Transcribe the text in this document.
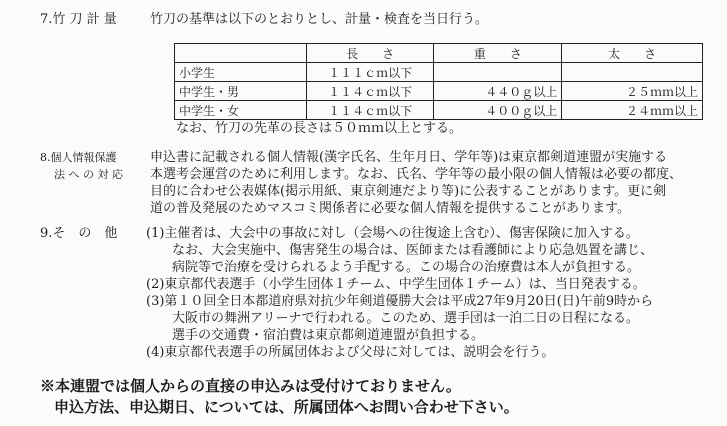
7.竹 刀 計 量	竹刀の基準は以下のとおりとし、計量・検査を当日行う。
	長　　さ	重　　さ	太　　さ
小学生	１１１ｃｍ以下		
中学生・男	１１４ｃｍ以下	４４０ｇ以上	２５ｍｍ以上
中学生・女	１１４ｃｍ以下	４００ｇ以上	２４ｍｍ以上
なお、竹刀の先革の長さは５０ｍｍ以上とする。
8.個人情報保護
法 へ の 対 応
申込書に記載される個人情報(漢字氏名、生年月日、学年等)は東京都剣道連盟が実施する
本選考会運営のために利用します。なお、氏名、学年等の最小限の個人情報は必要の都度、
目的に合わせ公表媒体(掲示用紙、東京剣連だより等)に公表することがあります。更に剣
道の普及発展のためマスコミ関係者に必要な個人情報を提供することがあります。
9.そ　の　他 (1)主催者は、大会中の事故に対し（会場への往復途上含む）、傷害保険に加入する。
なお、大会実施中、傷害発生の場合は、医師または看護師により応急処置を講じ、
病院等で治療を受けられるよう手配する。この場合の治療費は本人が負担する。
(2)東京都代表選手（小学生団体１チーム、中学生団体１チーム）は、当日発表する。
(3)第１０回全日本都道府県対抗少年剣道優勝大会は平成27年9月20日(日)午前9時から
大阪市の舞洲アリーナで行われる。このため、選手団は一泊二日の日程になる。
選手の交通費・宿泊費は東京都剣道連盟が負担する。
(4)東京都代表選手の所属団体および父母に対しては、説明会を行う。
※本連盟では個人からの直接の申込みは受付けておりません。
申込方法、申込期日、については、所属団体へお問い合わせ下さい。
